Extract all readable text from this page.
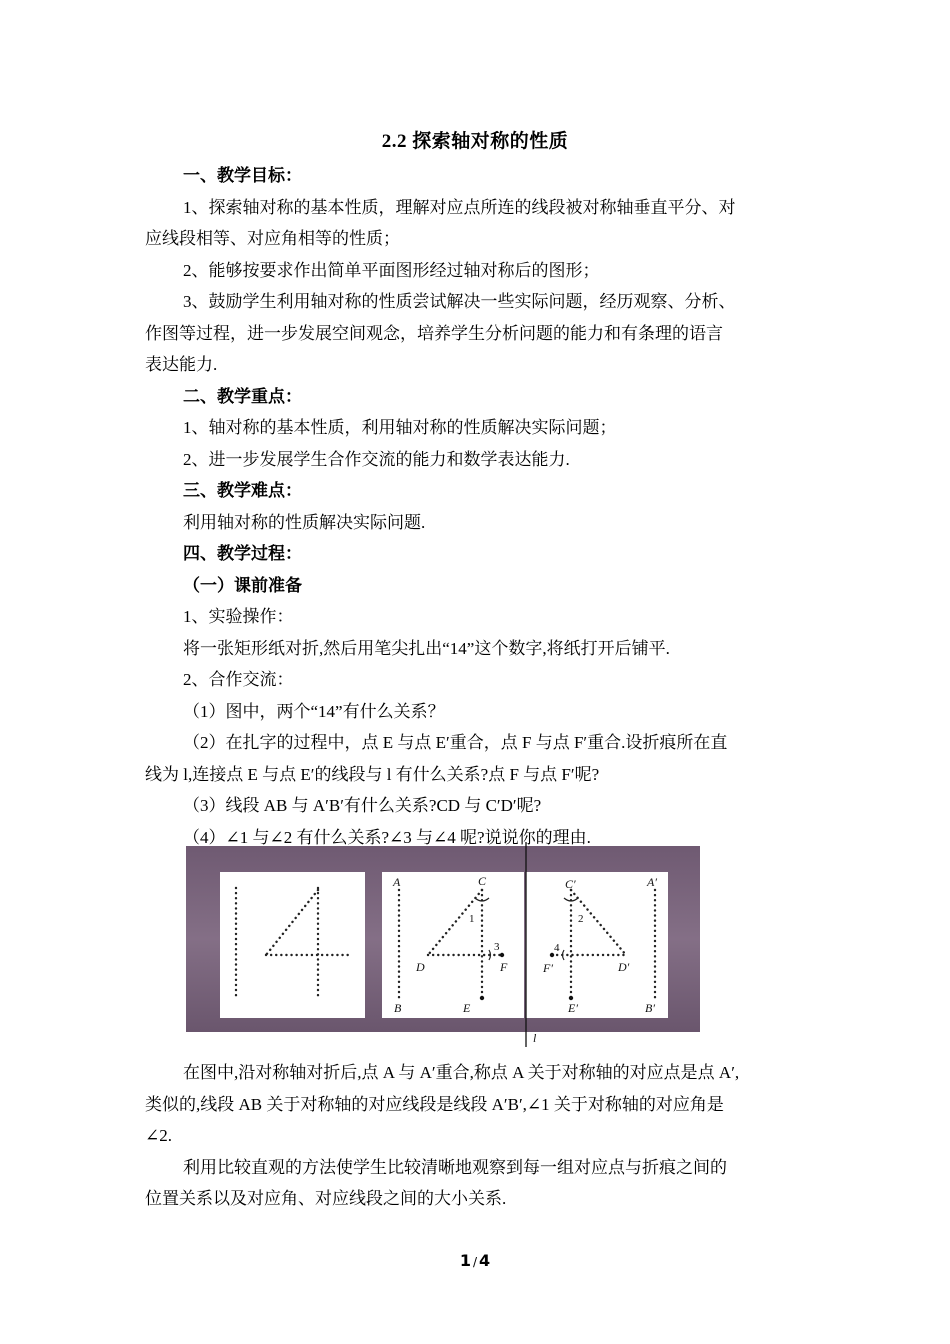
2.2 探索轴对称的性质
一、教学目标：
1、探索轴对称的基本性质，理解对应点所连的线段被对称轴垂直平分、对
应线段相等、对应角相等的性质；
2、能够按要求作出简单平面图形经过轴对称后的图形；
3、鼓励学生利用轴对称的性质尝试解决一些实际问题，经历观察、分析、
作图等过程，进一步发展空间观念，培养学生分析问题的能力和有条理的语言
表达能力.
二、教学重点：
1、轴对称的基本性质，利用轴对称的性质解决实际问题；
2、进一步发展学生合作交流的能力和数学表达能力.
三、教学难点：
利用轴对称的性质解决实际问题.
四、教学过程：
（一）课前准备
1、实验操作：
将一张矩形纸对折,然后用笔尖扎出“14”这个数字,将纸打开后铺平.
2、合作交流：
（1）图中，两个“14”有什么关系？
（2）在扎字的过程中，点 E 与点 E′重合，点 F 与点 F′重合.设折痕所在直
线为 l,连接点 E 与点 E′的线段与 l 有什么关系?点 F 与点 F′呢?
（3）线段 AB 与 A′B′有什么关系?CD 与 C′D′呢?
（4）∠1 与∠2 有什么关系?∠3 与∠4 呢?说说你的理由.
A	C
D	F
B	E
C′	A′
F′	D′
E′	B′
l
1
3
2
4
在图中,沿对称轴对折后,点 A 与 A′重合,称点 A 关于对称轴的对应点是点 A′,
类似的,线段 AB 关于对称轴的对应线段是线段 A′B′,∠1 关于对称轴的对应角是
∠2.
利用比较直观的方法使学生比较清晰地观察到每一组对应点与折痕之间的
位置关系以及对应角、对应线段之间的大小关系.
1 / 4
